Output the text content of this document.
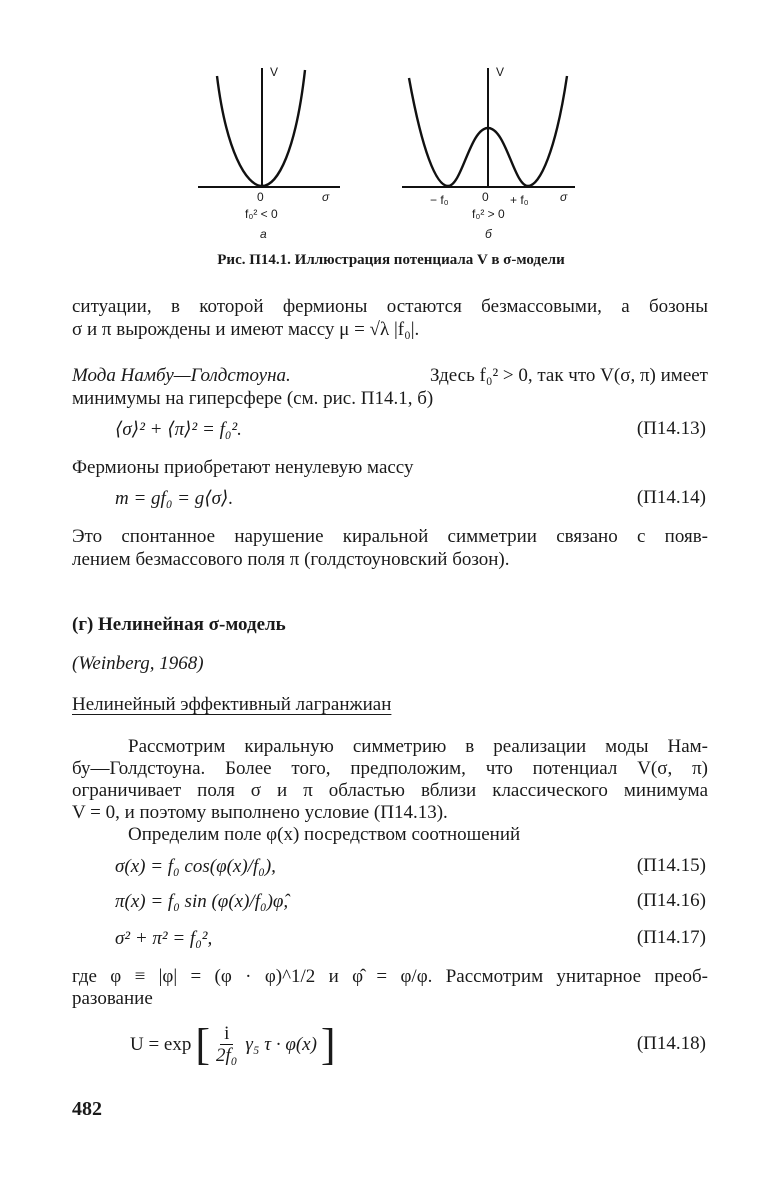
V
0	σ
f₀² < 0
a
V
− f₀	0 + f₀	σ
f₀² > 0
б
Рис. П14.1. Иллюстрация потенциала V в σ-модели
ситуации, в которой фермионы остаются безмассовыми, а бозоны
σ и π вырождены и имеют массу μ = √λ |f₀|.
Мода Намбу—Голдстоуна.	Здесь f₀² > 0, так что V(σ, π) имеет
минимумы на гиперсфере (см. рис. П14.1, б)
⟨σ⟩² + ⟨π⟩² = f₀².	(П14.13)
Фермионы приобретают ненулевую массу
m = gf₀ = g⟨σ⟩.	(П14.14)
Это спонтанное нарушение киральной симметрии связано с появ-
лением безмассового поля π (голдстоуновский бозон).
(г) Нелинейная σ-модель
(Weinberg, 1968)
Нелинейный эффективный лагранжиан
Рассмотрим киральную симметрию в реализации моды Нам-
бу—Голдстоуна. Более того, предположим, что потенциал V(σ, π)
ограничивает поля σ и π областью вблизи классического минимума
V = 0, и поэтому выполнено условие (П14.13).
Определим поле φ(x) посредством соотношений
σ(x) = f₀ cos(φ(x)/f₀),	(П14.15)
π(x) = f₀ sin (φ(x)/f₀)φ̂,	(П14.16)
σ² + π² = f₀²,	(П14.17)
где φ ≡ |φ| = (φ · φ)^1/2 и φ̂ = φ/φ. Рассмотрим унитарное преоб-
разование
U = exp [ $\frac{i}{\text{2f₀}} \gamma_5$ τ · φ(x) ]	(П14.18)
482
